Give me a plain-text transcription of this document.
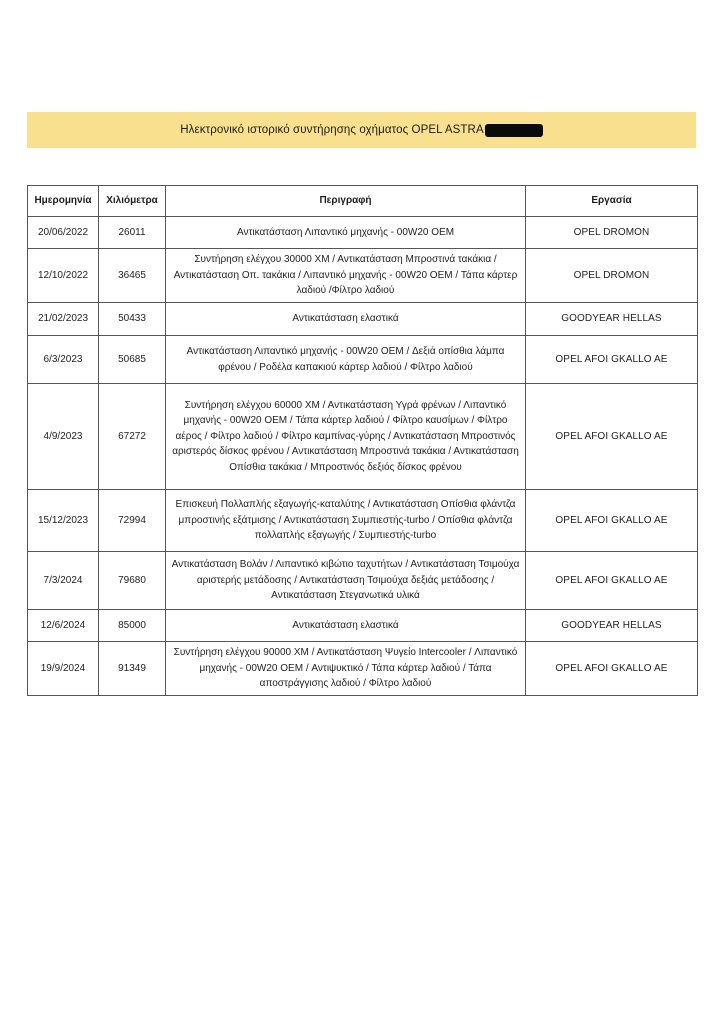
Ηλεκτρονικό ιστορικό συντήρησης οχήματος OPEL ASTRA
Ημερομηνία	Χιλιόμετρα	Περιγραφή	Εργασία
20/06/2022	26011	Αντικατάσταση Λιπαντικό μηχανής - 00W20 OEM	OPEL DROMON
12/10/2022	36465	Συντήρηση ελέγχου 30000 ΧΜ / Αντικατάσταση Μπροστινά τακάκια / Αντικατάσταση Οπ. τακάκια / Λιπαντικό μηχανής - 00W20 OEM / Τάπα κάρτερ λαδιού /Φίλτρο λαδιού	OPEL DROMON
21/02/2023	50433	Αντικατάσταση ελαστικά	GOODYEAR HELLAS
6/3/2023	50685	Αντικατάσταση Λιπαντικό μηχανής - 00W20 OEM / Δεξιά οπίσθια λάμπα φρένου / Ροδέλα καπακιού κάρτερ λαδιού / Φίλτρο λαδιού	OPEL AFOI GKALLO AE
4/9/2023	67272	Συντήρηση ελέγχου 60000 ΧΜ / Αντικατάσταση Υγρά φρένων / Λιπαντικό μηχανής - 00W20 OEM / Τάπα κάρτερ λαδιού / Φίλτρο καυσίμων / Φίλτρο αέρος / Φίλτρο λαδιού / Φίλτρο καμπίνας-γύρης / Αντικατάσταση Μπροστινός αριστερός δίσκος φρένου / Αντικατάσταση Μπροστινά τακάκια / Αντικατάσταση Οπίσθια τακάκια / Μπροστινός δεξιός δίσκος φρένου	OPEL AFOI GKALLO AE
15/12/2023	72994	Επισκευή Πολλαπλής εξαγωγής-καταλύτης / Αντικατάσταση Οπίσθια φλάντζα μπροστινής εξάτμισης / Αντικατάσταση Συμπιεστής-turbo / Οπίσθια φλάντζα πολλαπλής εξαγωγής / Συμπιεστής-turbo	OPEL AFOI GKALLO AE
7/3/2024	79680	Αντικατάσταση Βολάν / Λιπαντικό κιβώτιο ταχυτήτων / Αντικατάσταση Τσιμούχα αριστερής μετάδοσης / Αντικατάσταση Τσιμούχα δεξιάς μετάδοσης / Αντικατάσταση Στεγανωτικά υλικά	OPEL AFOI GKALLO AE
12/6/2024	85000	Αντικατάσταση ελαστικά	GOODYEAR HELLAS
19/9/2024	91349	Συντήρηση ελέγχου 90000 ΧΜ / Αντικατάσταση Ψυγείο Intercooler / Λιπαντικό μηχανής - 00W20 OEM / Αντιψυκτικό / Τάπα κάρτερ λαδιού / Τάπα αποστράγγισης λαδιού / Φίλτρο λαδιού	OPEL AFOI GKALLO AE
